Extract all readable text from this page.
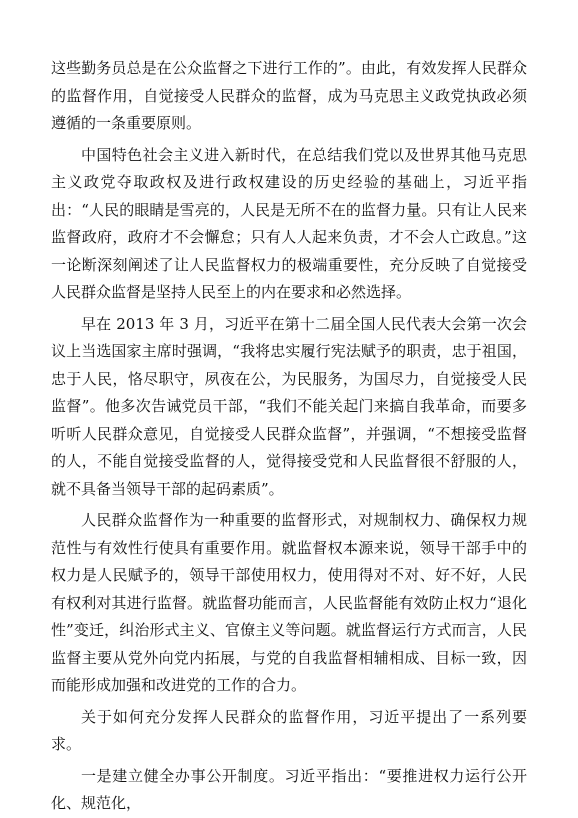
这些勤务员总是在公众监督之下进行工作的”。由此，有效发挥人民群众的监督作用，自觉接受人民群众的监督，成为马克思主义政党执政必须遵循的一条重要原则。

中国特色社会主义进入新时代，在总结我们党以及世界其他马克思主义政党夺取政权及进行政权建设的历史经验的基础上，习近平指出：“人民的眼睛是雪亮的，人民是无所不在的监督力量。只有让人民来监督政府，政府才不会懈怠；只有人人起来负责，才不会人亡政息。”这一论断深刻阐述了让人民监督权力的极端重要性，充分反映了自觉接受人民群众监督是坚持人民至上的内在要求和必然选择。

早在 2013 年 3 月，习近平在第十二届全国人民代表大会第一次会议上当选国家主席时强调，“我将忠实履行宪法赋予的职责，忠于祖国，忠于人民，恪尽职守，夙夜在公，为民服务，为国尽力，自觉接受人民监督”。他多次告诫党员干部，“我们不能关起门来搞自我革命，而要多听听人民群众意见，自觉接受人民群众监督”，并强调，“不想接受监督的人，不能自觉接受监督的人，觉得接受党和人民监督很不舒服的人，就不具备当领导干部的起码素质”。

人民群众监督作为一种重要的监督形式，对规制权力、确保权力规范性与有效性行使具有重要作用。就监督权本源来说，领导干部手中的权力是人民赋予的，领导干部使用权力，使用得对不对、好不好，人民有权利对其进行监督。就监督功能而言，人民监督能有效防止权力“退化性”变迁，纠治形式主义、官僚主义等问题。就监督运行方式而言，人民监督主要从党外向党内拓展，与党的自我监督相辅相成、目标一致，因而能形成加强和改进党的工作的合力。

关于如何充分发挥人民群众的监督作用，习近平提出了一系列要求。

一是建立健全办事公开制度。习近平指出：“要推进权力运行公开化、规范化，
